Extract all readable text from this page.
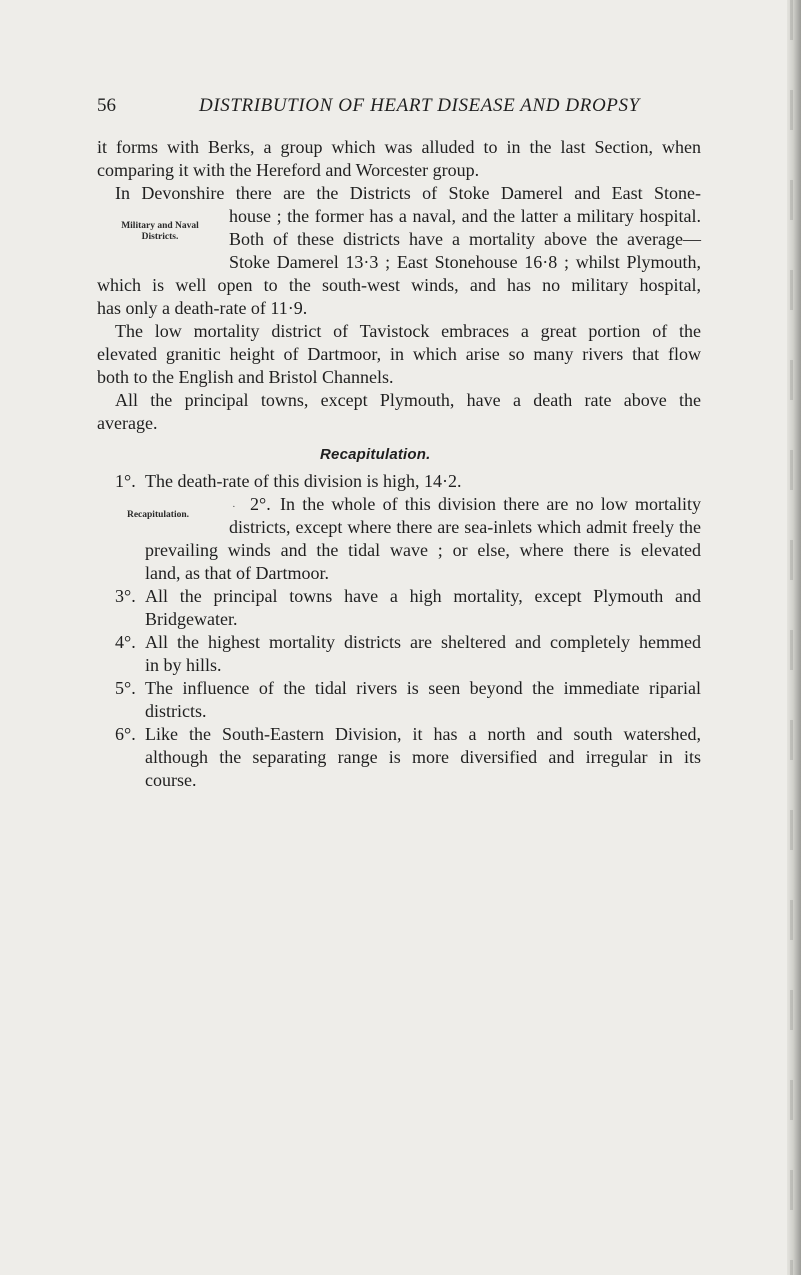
56	DISTRIBUTION OF HEART DISEASE AND DROPSY
it forms with Berks, a group which was alluded to in the last Section, when
comparing it with the Hereford and Worcester group.
In Devonshire there are the Districts of Stoke Damerel and East Stone-
house ; the former has a naval, and the latter a military hospital.
Both of these districts have a mortality above the average—
Stoke Damerel 13·3 ; East Stonehouse 16·8 ; whilst Plymouth,
which is well open to the south-west winds, and has no military hospital,
has only a death-rate of 11·9.
Military and Naval
Districts.
The low mortality district of Tavistock embraces a great portion of the
elevated granitic height of Dartmoor, in which arise so many rivers that flow
both to the English and Bristol Channels.
All the principal towns, except Plymouth, have a death rate above the
average.
Recapitulation.
1°. The death-rate of this division is high, 14·2.
· 2°. In the whole of this division there are no low mortality
districts, except where there are sea-inlets which admit freely the
prevailing winds and the tidal wave ; or else, where there is elevated
land, as that of Dartmoor.
Recapitulation.
3°. All the principal towns have a high mortality, except Plymouth and
Bridgewater.
4°. All the highest mortality districts are sheltered and completely hemmed
in by hills.
5°. The influence of the tidal rivers is seen beyond the immediate riparial
districts.
6°. Like the South-Eastern Division, it has a north and south watershed,
although the separating range is more diversified and irregular in its
course.
